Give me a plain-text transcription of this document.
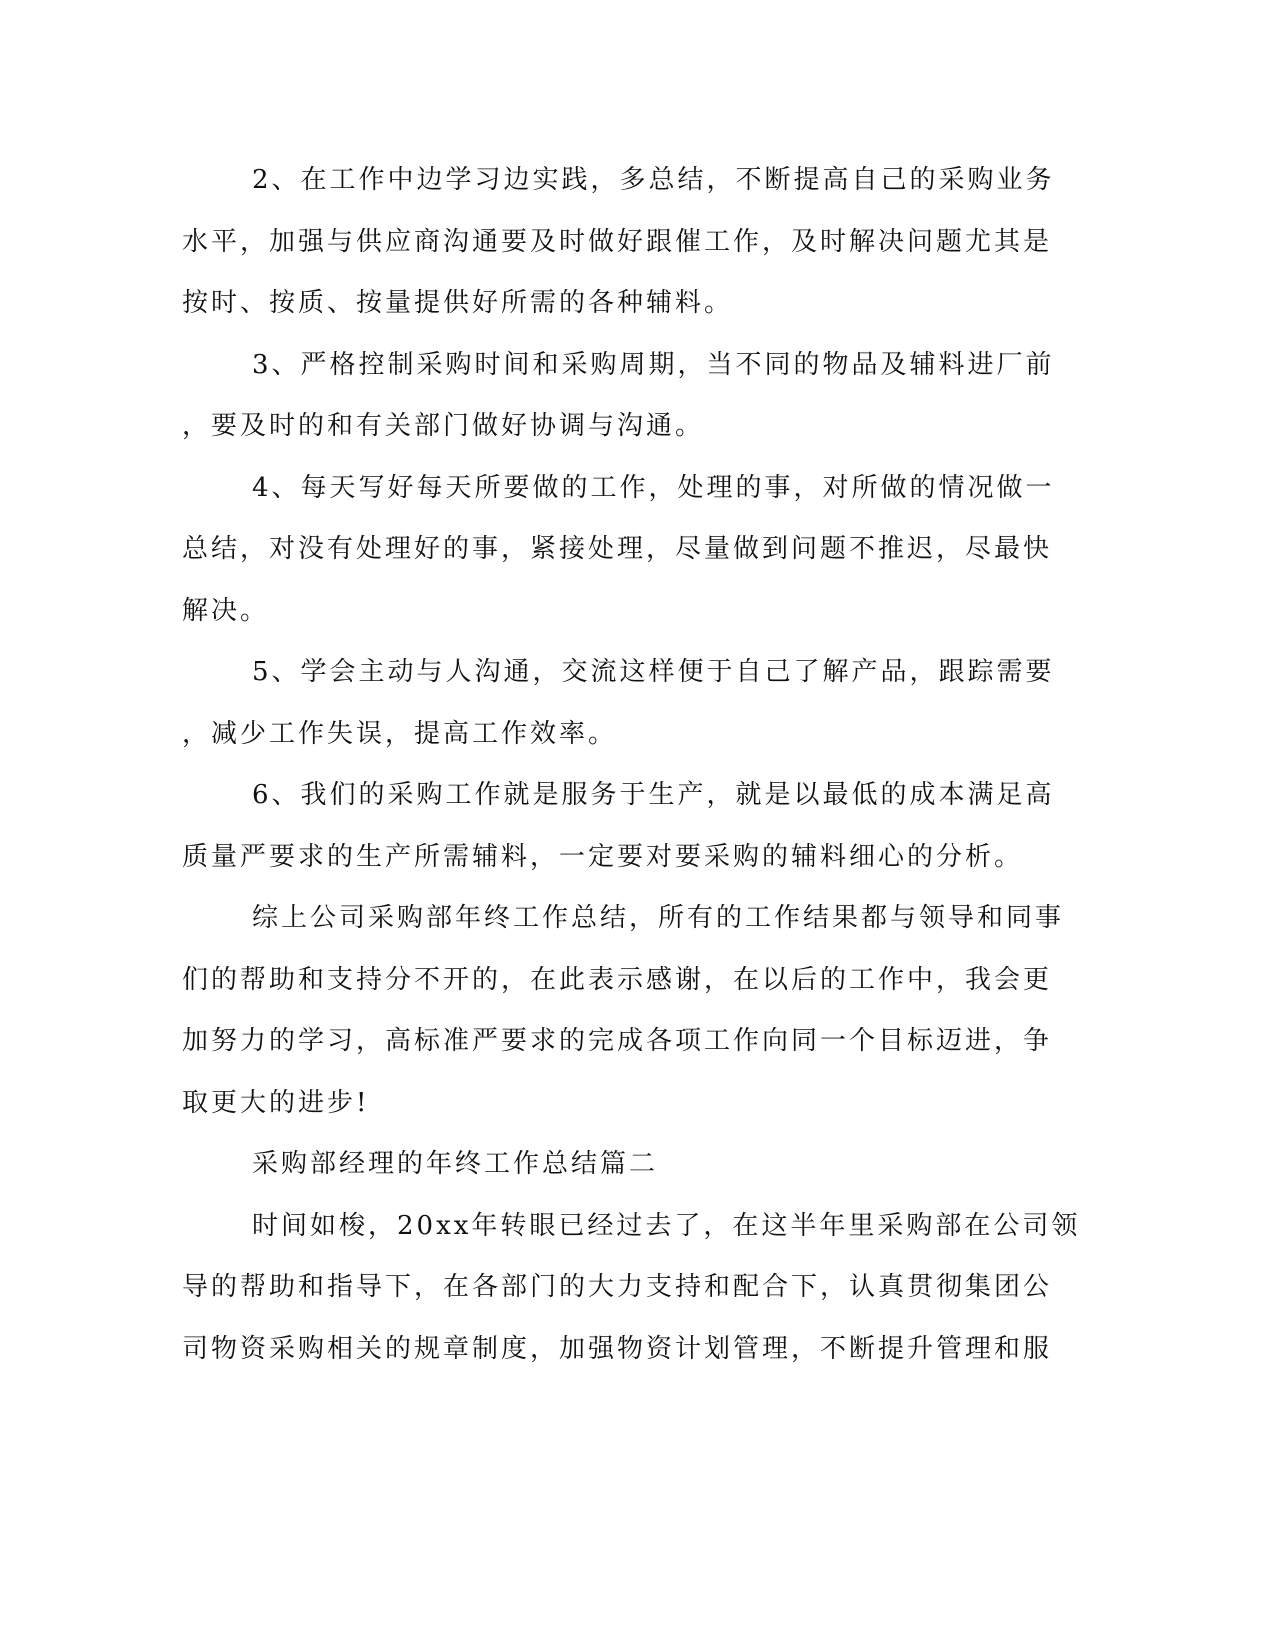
2、在工作中边学习边实践，多总结，不断提高自己的采购业务
水平，加强与供应商沟通要及时做好跟催工作，及时解决问题尤其是
按时、按质、按量提供好所需的各种辅料。
3、严格控制采购时间和采购周期，当不同的物品及辅料进厂前
，要及时的和有关部门做好协调与沟通。
4、每天写好每天所要做的工作，处理的事，对所做的情况做一
总结，对没有处理好的事，紧接处理，尽量做到问题不推迟，尽最快
解决。
5、学会主动与人沟通，交流这样便于自己了解产品，跟踪需要
，减少工作失误，提高工作效率。
6、我们的采购工作就是服务于生产，就是以最低的成本满足高
质量严要求的生产所需辅料，一定要对要采购的辅料细心的分析。
综上公司采购部年终工作总结，所有的工作结果都与领导和同事
们的帮助和支持分不开的，在此表示感谢，在以后的工作中，我会更
加努力的学习，高标准严要求的完成各项工作向同一个目标迈进，争
取更大的进步!
采购部经理的年终工作总结篇二
时间如梭，20xx年转眼已经过去了，在这半年里采购部在公司领
导的帮助和指导下，在各部门的大力支持和配合下，认真贯彻集团公
司物资采购相关的规章制度，加强物资计划管理，不断提升管理和服
